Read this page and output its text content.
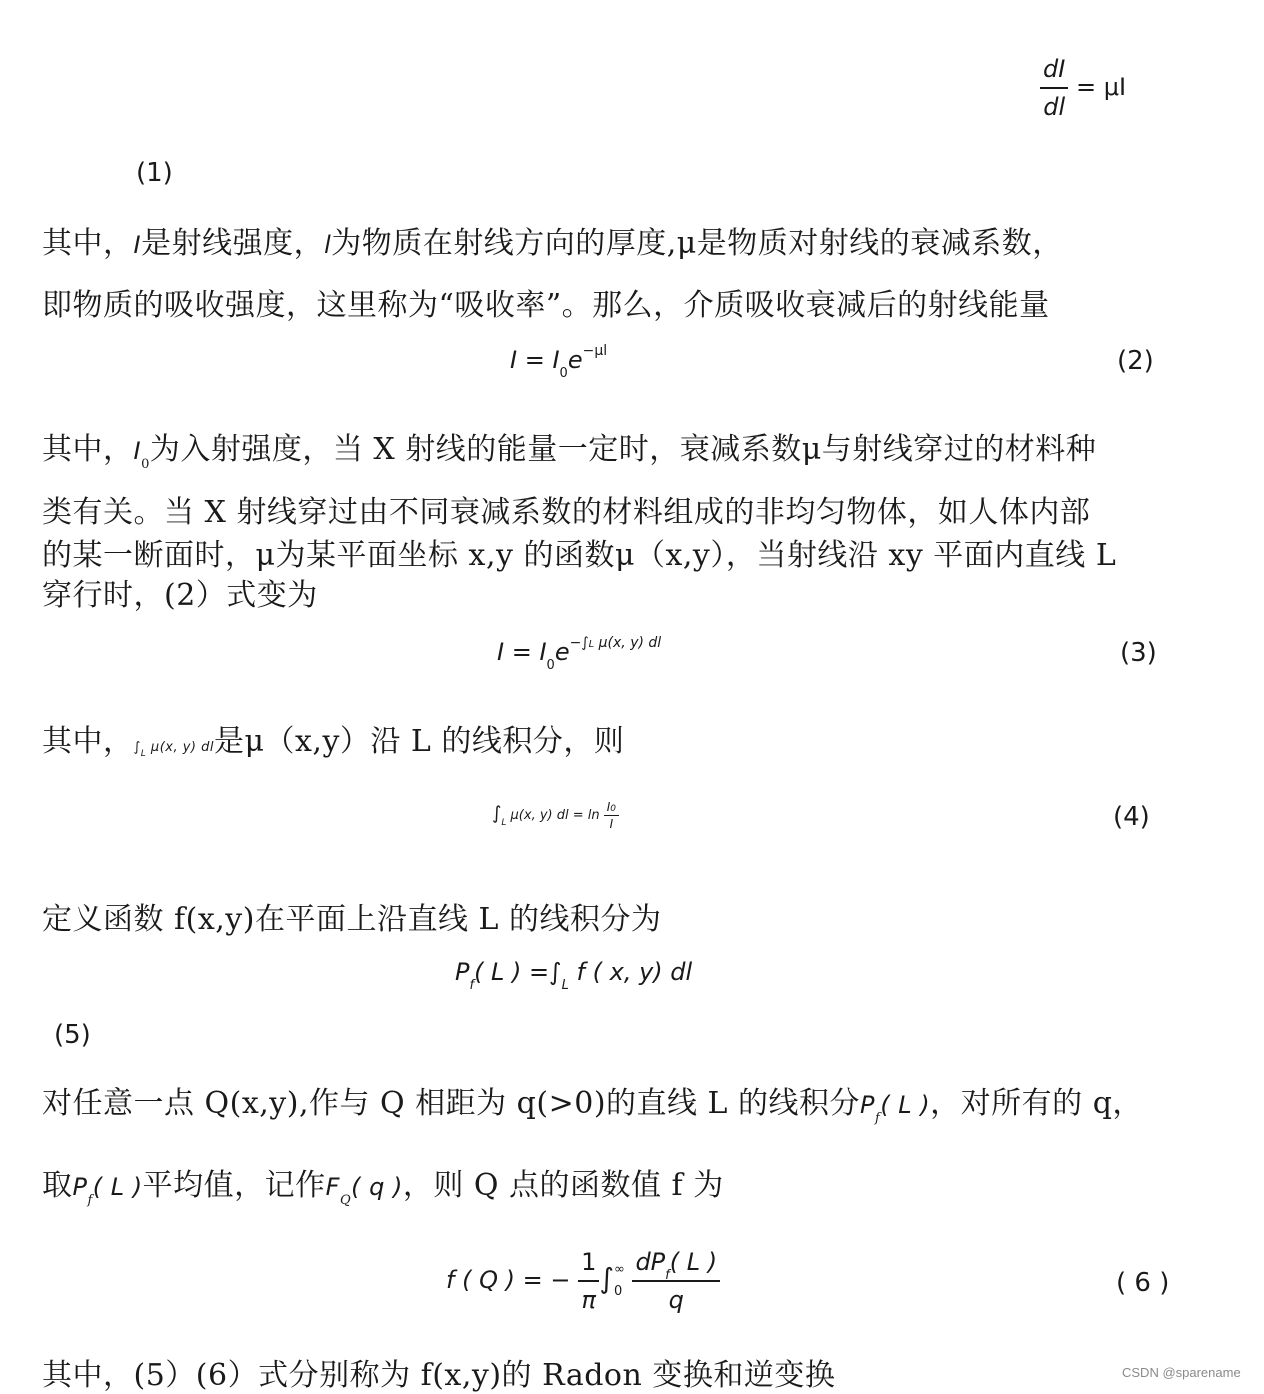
$\frac{dI}{dl} = \mu I$
(1)
其中，I是射线强度，l为物质在射线方向的厚度,μ是物质对射线的衰减系数，
即物质的吸收强度，这里称为“吸收率”。那么，介质吸收衰减后的射线能量
$I = I_0e^{-\mu l}$	(2)
其中，$I_0$为入射强度，当 X 射线的能量一定时，衰减系数μ与射线穿过的材料种
类有关。当 X 射线穿过由不同衰减系数的材料组成的非均匀物体，如人体内部
的某一断面时，μ为某平面坐标 x,y 的函数μ（x,y），当射线沿 xy 平面内直线 L
穿行时，(2）式变为
$I = I_0e^{-\int L \mu(x, y) dl}$	(3)
其中，$\int_L$ μ(x, y) dl是μ（x,y）沿 L 的线积分，则
$\int_L$ μ(x, y) dl = $\ln \frac{I0}{I}$	(4)
定义函数 f(x,y)在平面上沿直线 L 的线积分为
$P_f$( L ) $=\int_L$ f ( x, y) dl
(5)
对任意一点 Q(x,y),作与 Q 相距为 q(>0)的直线 L 的线积分$P_f$( L )，对所有的 q，
取$P_f$( L )平均值，记作$F_Q$( q )，则 Q 点的函数值 f 为
f ( Q ) = − $\frac{1}{\pi}$ ∫ ∞
0
$\frac{dP_f( L )}{q}$	( 6 )
其中，(5）(6）式分别称为 f(x,y)的 Radon 变换和逆变换	CSDN @sparename
